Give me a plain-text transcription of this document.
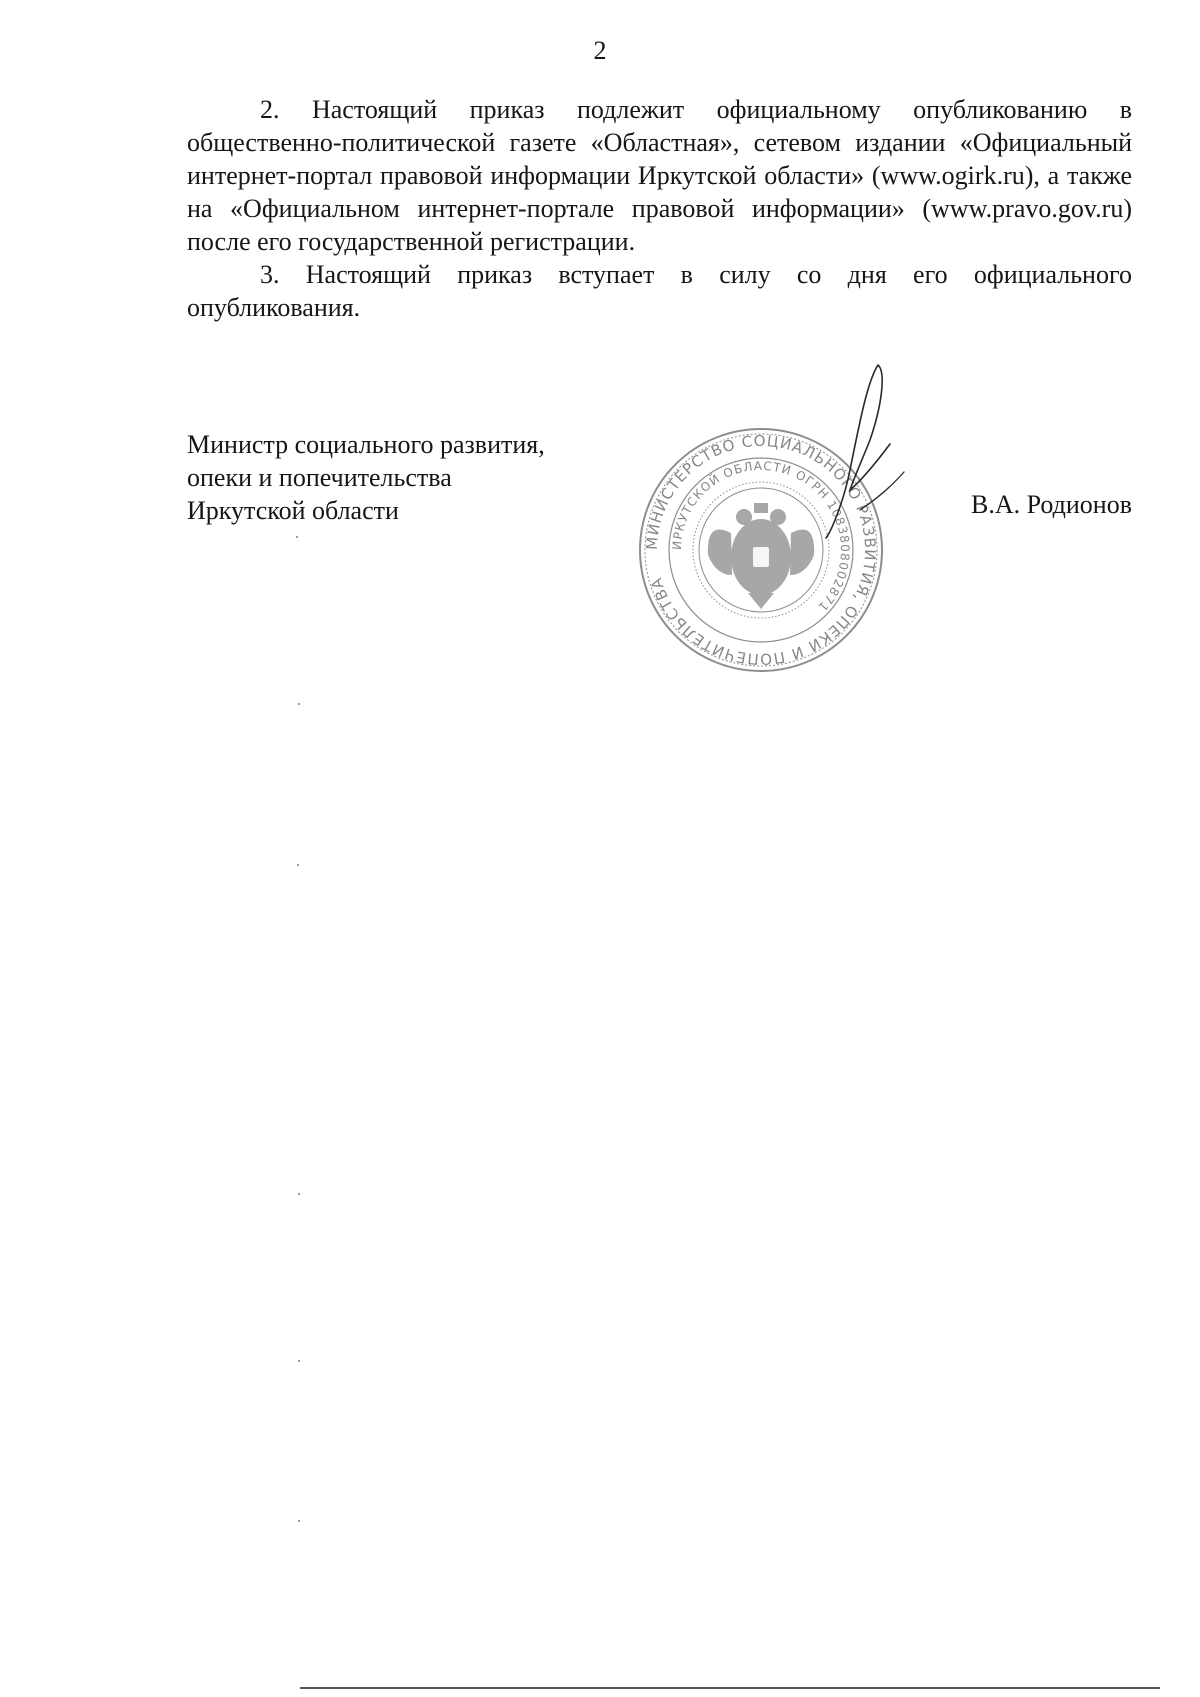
2

2. Настоящий приказ подлежит официальному опубликованию в общественно-политической газете «Областная», сетевом издании «Официальный интернет-портал правовой информации Иркутской области» (www.ogirk.ru), а также на «Официальном интернет-портале правовой информации» (www.pravo.gov.ru) после его государственной регистрации.

3. Настоящий приказ вступает в силу со дня его официального опубликования.

Министр социального развития,
опеки и попечительства
Иркутской области
МИНИСТЕРСТВО СОЦИАЛЬНОГО РАЗВИТИЯ, ОПЕКИ И ПОПЕЧИТЕЛЬСТВА
ИРКУТСКОЙ ОБЛАСТИ ОГРН 1083808002871
В.А. Родионов
